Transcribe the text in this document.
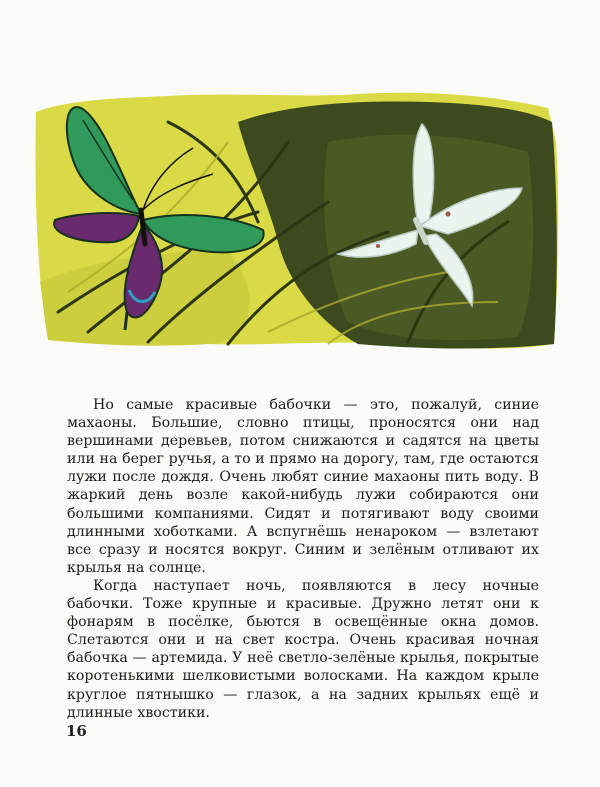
Но самые красивые бабочки — это, пожалуй, синие махаоны. Большие, словно птицы, проносятся они над вершинами деревьев, потом снижаются и садятся на цветы или на берег ручья, а то и прямо на дорогу, там, где остаются лужи после дождя. Очень любят синие махаоны пить воду. В жаркий день возле какой-нибудь лужи собираются они большими компаниями. Сидят и потягивают воду своими длинными хоботками. А вспугнёшь ненароком — взлетают все сразу и носятся вокруг. Синим и зелёным отливают их крылья на солнце.

Когда наступает ночь, появляются в лесу ночные бабочки. Тоже крупные и красивые. Дружно летят они к фонарям в посёлке, бьются в освещённые окна домов. Слетаются они и на свет костра. Очень красивая ночная бабочка — артемида. У неё светло-зелёные крылья, покрытые коротенькими шелковистыми волосками. На каждом крыле круглое пятнышко — глазок, а на задних крыльях ещё и длинные хвостики.

16
